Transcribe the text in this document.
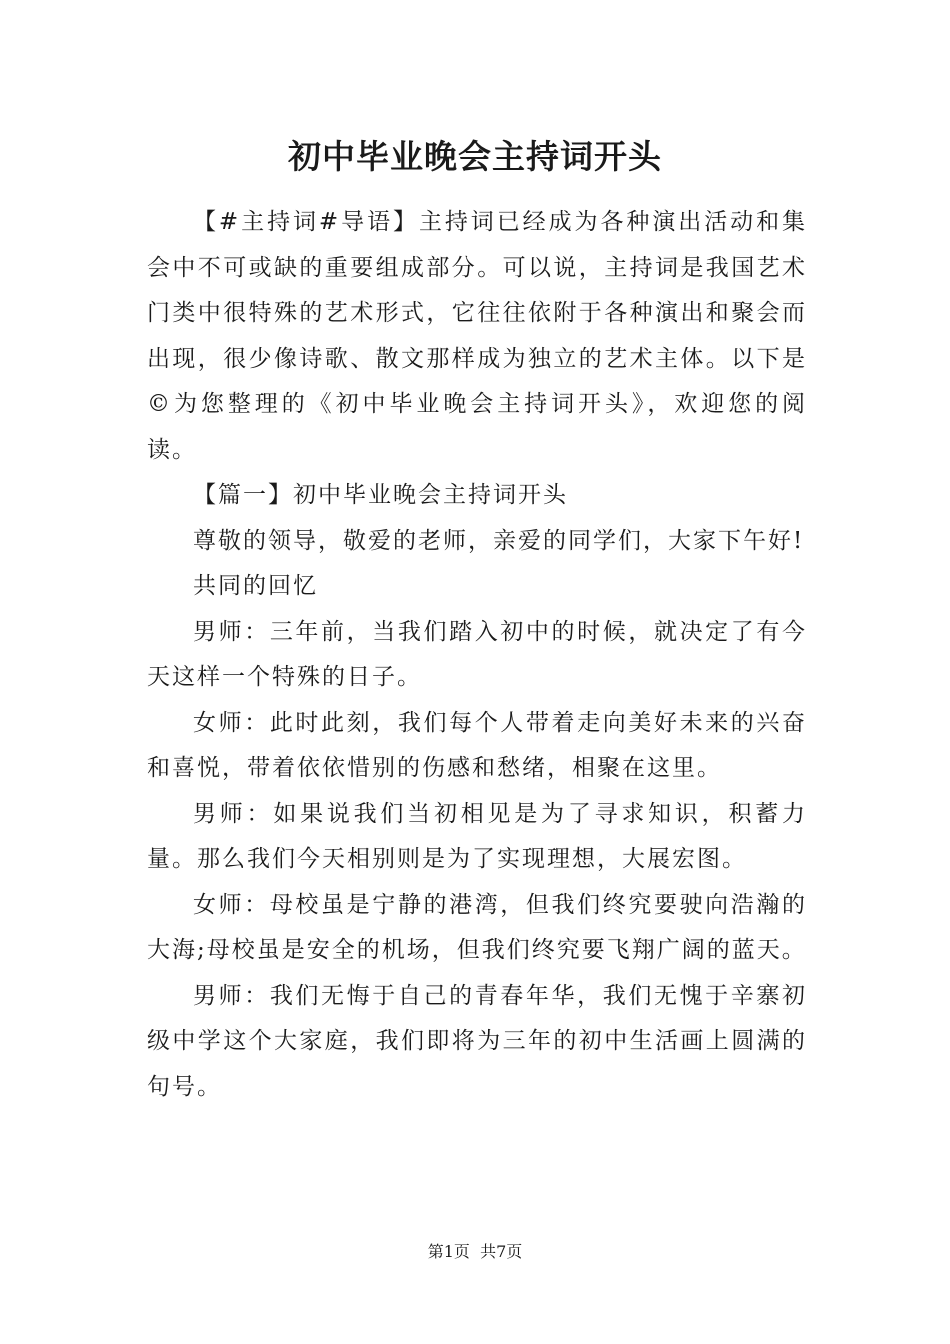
初中毕业晚会主持词开头

【#主持词#导语】主持词已经成为各种演出活动和集会中不可或缺的重要组成部分。可以说，主持词是我国艺术门类中很特殊的艺术形式，它往往依附于各种演出和聚会而出现，很少像诗歌、散文那样成为独立的艺术主体。以下是©为您整理的《初中毕业晚会主持词开头》，欢迎您的阅读。

【篇一】初中毕业晚会主持词开头

尊敬的领导，敬爱的老师，亲爱的同学们，大家下午好!

共同的回忆

男师：三年前，当我们踏入初中的时候，就决定了有今天这样一个特殊的日子。

女师：此时此刻，我们每个人带着走向美好未来的兴奋和喜悦，带着依依惜别的伤感和愁绪，相聚在这里。

男师：如果说我们当初相见是为了寻求知识，积蓄力量。那么我们今天相别则是为了实现理想，大展宏图。

女师：母校虽是宁静的港湾，但我们终究要驶向浩瀚的大海;母校虽是安全的机场，但我们终究要飞翔广阔的蓝天。

男师：我们无悔于自己的青春年华，我们无愧于辛寨初级中学这个大家庭，我们即将为三年的初中生活画上圆满的句号。

第1页 共7页
